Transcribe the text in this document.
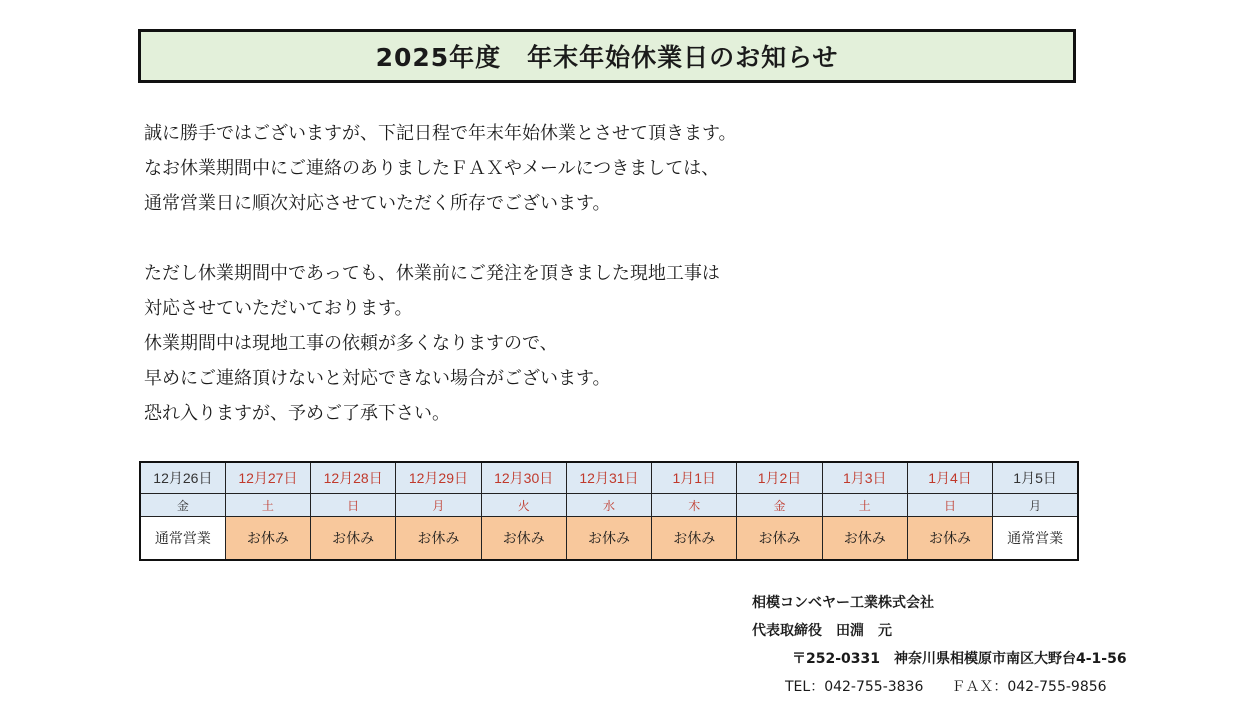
2025年度　年末年始休業日のお知らせ
誠に勝手ではございますが、下記日程で年末年始休業とさせて頂きます。
なお休業期間中にご連絡のありましたＦＡＸやメールにつきましては、
通常営業日に順次対応させていただく所存でございます。
ただし休業期間中であっても、休業前にご発注を頂きました現地工事は
対応させていただいております。
休業期間中は現地工事の依頼が多くなりますので、
早めにご連絡頂けないと対応できない場合がございます。
恐れ入りますが、予めご了承下さい。
12月26日	12月27日	12月28日	12月29日	12月30日	12月31日	1月1日	1月2日	1月3日	1月4日	1月5日
金	土	日	月	火	水	木	金	土	日	月
通常営業	お休み	お休み	お休み	お休み	お休み	お休み	お休み	お休み	お休み	通常営業
相模コンベヤー工業株式会社
代表取締役　田淵　元
〒252-0331　神奈川県相模原市南区大野台4-1-56
TEL：042-755-3836　　ＦＡＸ：042-755-9856
